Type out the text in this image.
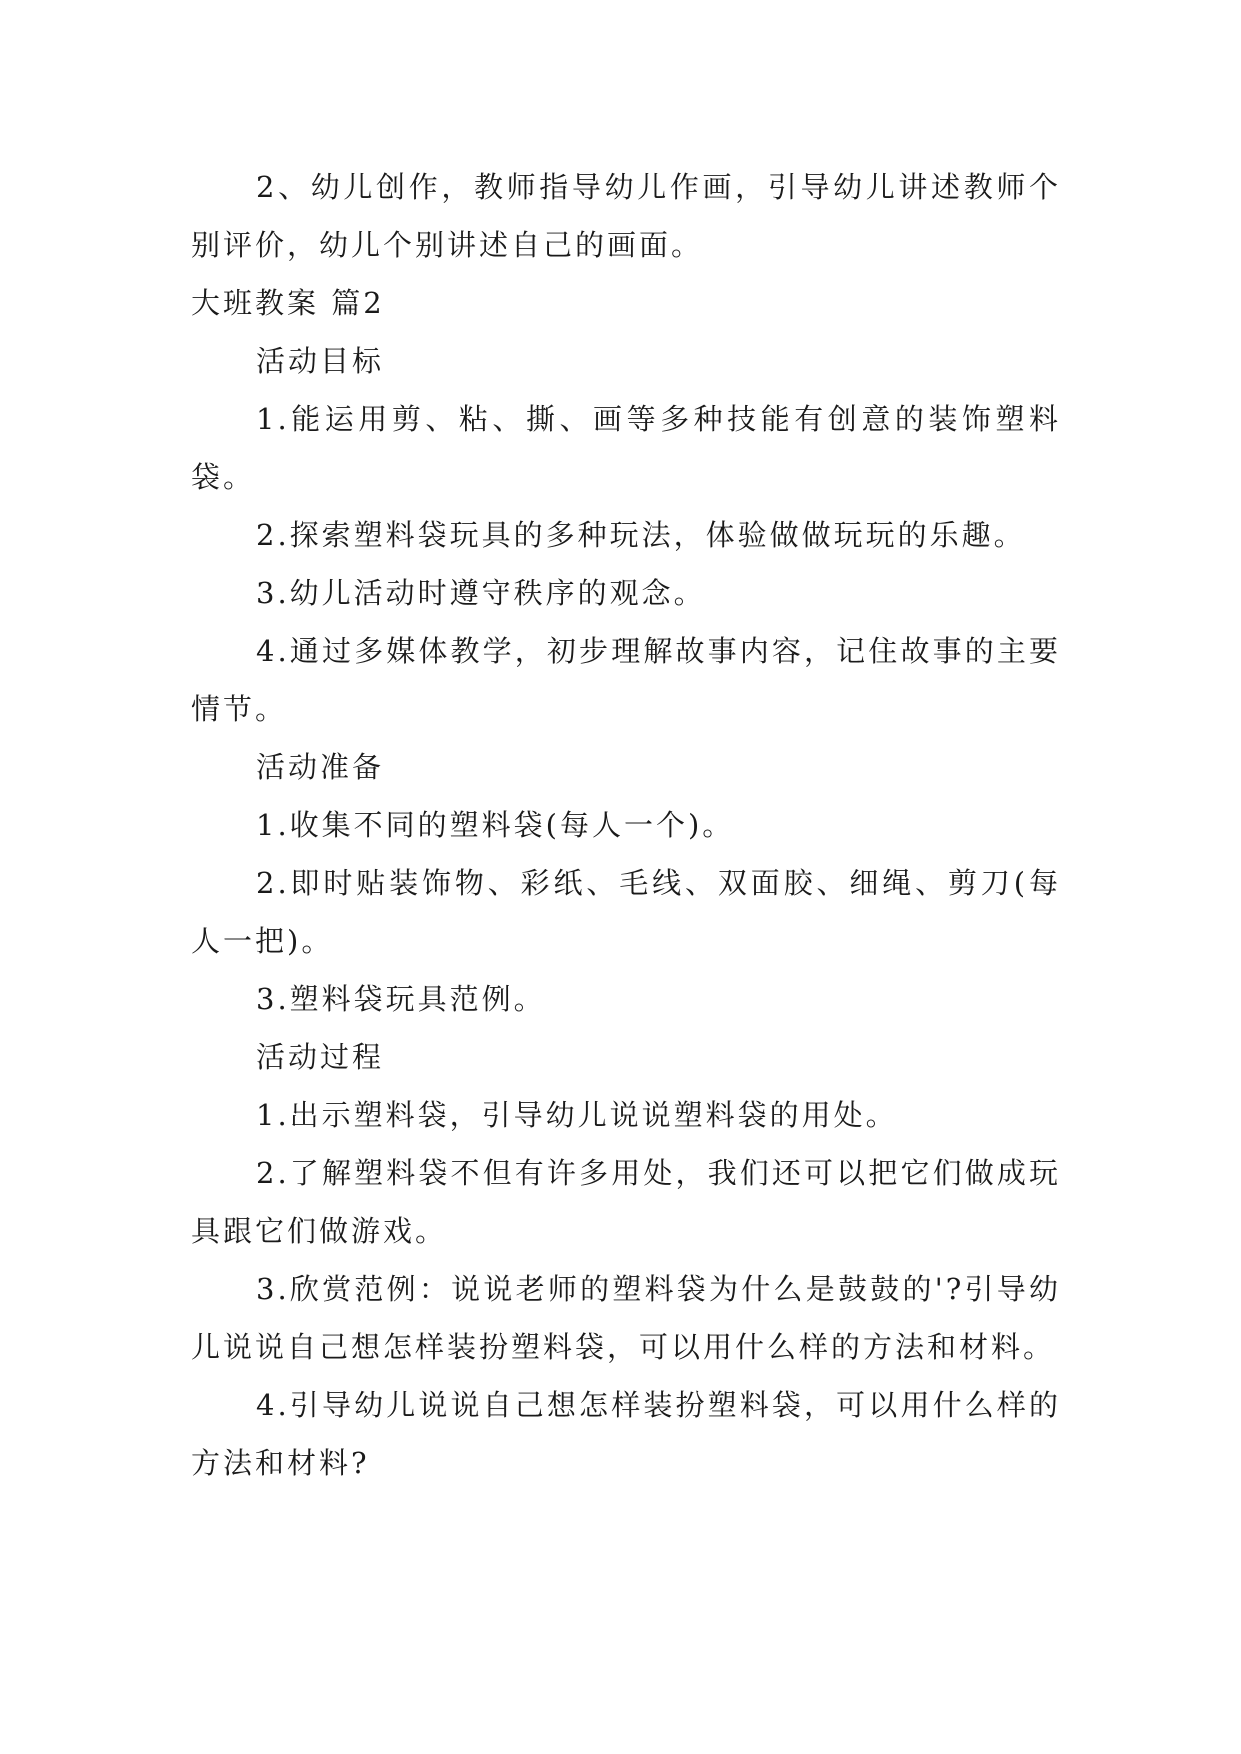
2、幼儿创作，教师指导幼儿作画，引导幼儿讲述教师个别评价，幼儿个别讲述自己的画面。

大班教案 篇2

活动目标

1.能运用剪、粘、撕、画等多种技能有创意的装饰塑料袋。

2.探索塑料袋玩具的多种玩法，体验做做玩玩的乐趣。

3.幼儿活动时遵守秩序的观念。

4.通过多媒体教学，初步理解故事内容，记住故事的主要情节。

活动准备

1.收集不同的塑料袋(每人一个)。

2.即时贴装饰物、彩纸、毛线、双面胶、细绳、剪刀(每人一把)。

3.塑料袋玩具范例。

活动过程

1.出示塑料袋，引导幼儿说说塑料袋的用处。

2.了解塑料袋不但有许多用处，我们还可以把它们做成玩具跟它们做游戏。

3.欣赏范例：说说老师的塑料袋为什么是鼓鼓的'?引导幼儿说说自己想怎样装扮塑料袋，可以用什么样的方法和材料。

4.引导幼儿说说自己想怎样装扮塑料袋，可以用什么样的方法和材料?
